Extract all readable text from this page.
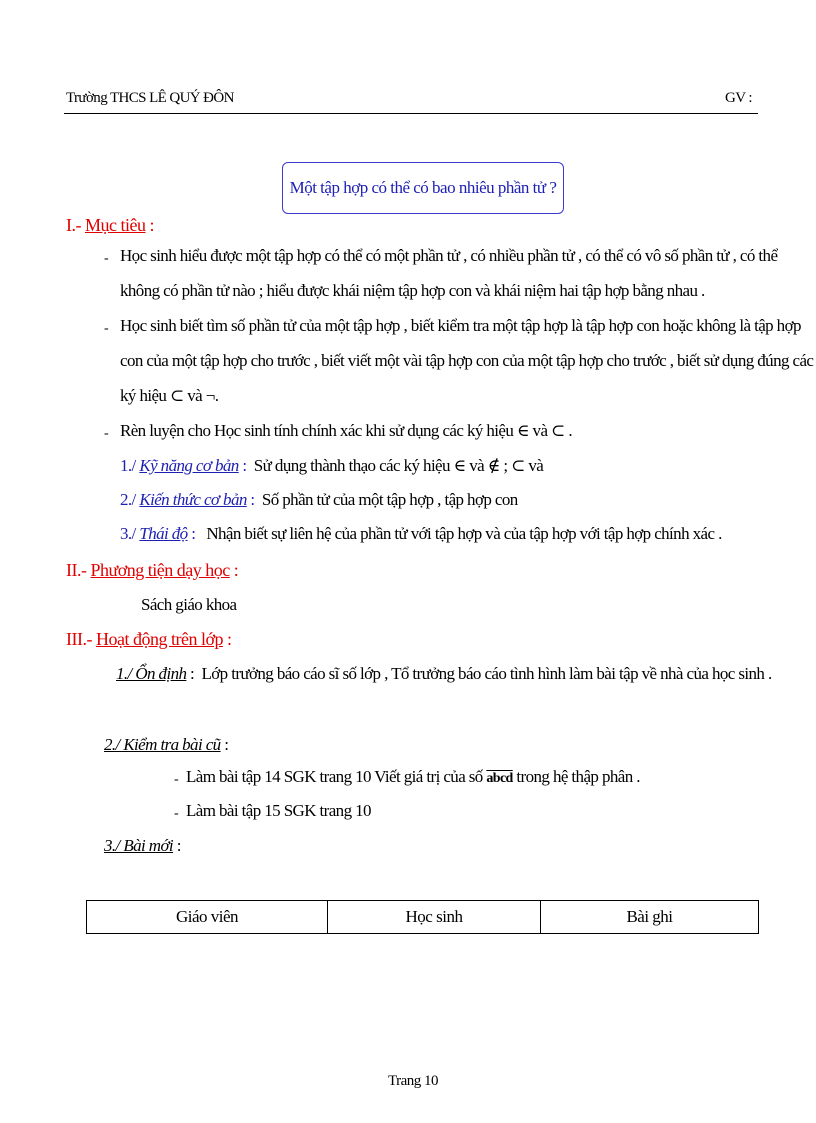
Trường THCS LÊ QUÝ ĐÔN	GV :
Một tập hợp có thể có bao nhiêu phần tử ?
I.- Mục tiêu :
- Học sinh hiểu được một tập hợp có thể có một phần tử , có nhiều phần tử , có thể có vô số phần tử , có thể
không có phần tử nào ; hiểu được khái niệm tập hợp con và khái niệm hai tập hợp bằng nhau .
- Học sinh biết tìm số phần tử của một tập hợp , biết kiểm tra một tập hợp là tập hợp con hoặc không là tập hợp
con của một tập hợp cho trước , biết viết một vài tập hợp con của một tập hợp cho trước , biết sử dụng đúng các
ký hiệu ⊂ và ¬.
- Rèn luyện cho Học sinh tính chính xác khi sử dụng các ký hiệu ∈ và ⊂ .
1./ Kỹ năng cơ bản : Sử dụng thành thạo các ký hiệu ∈ và ∉ ; ⊂ và
2./ Kiến thức cơ bản : Số phần tử của một tập hợp , tập hợp con
3./ Thái độ : Nhận biết sự liên hệ của phần tử với tập hợp và của tập hợp với tập hợp chính xác .
II.- Phương tiện dạy học :
Sách giáo khoa
III.- Hoạt động trên lớp :
1./ Ổn định : Lớp trưởng báo cáo sĩ số lớp , Tổ trưởng báo cáo tình hình làm bài tập về nhà của học sinh .
2./ Kiểm tra bài cũ :
- Làm bài tập 14 SGK trang 10 Viết giá trị của số abcd trong hệ thập phân .
- Làm bài tập 15 SGK trang 10
3./ Bài mới :
Giáo viên	Học sinh	Bài ghi
Trang 10
